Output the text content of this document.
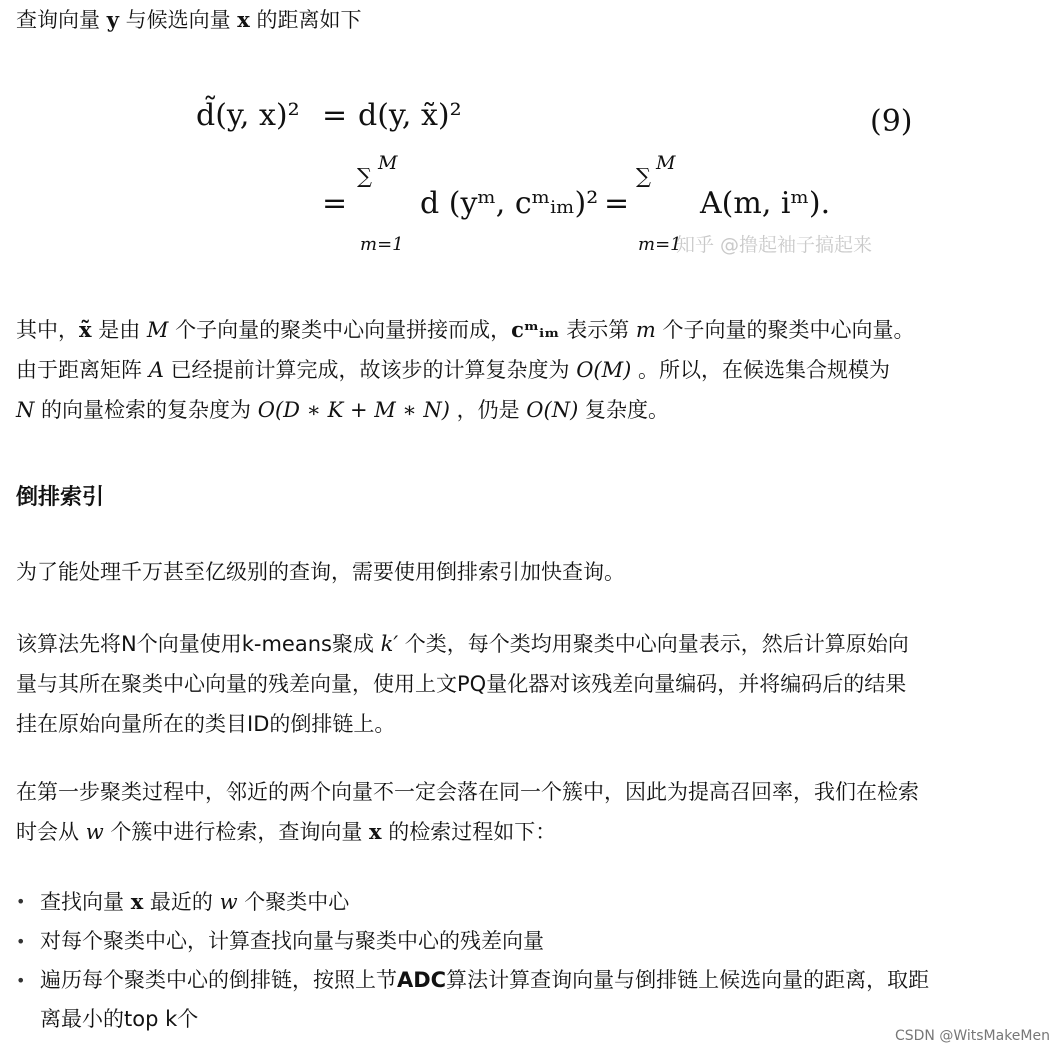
查询向量 y 与候选向量 x 的距离如下
d̃(y, x)² = d(y, x̃)²	(9)
=
M
∑
m=1
d (yᵐ, cᵐᵢₘ)² =
M
∑
m=1
A(m, iᵐ).
知乎 @撸起袖子搞起来
其中，x̃ 是由 M 个子向量的聚类中心向量拼接而成，cᵐᵢₘ 表示第 m 个子向量的聚类中心向量。
由于距离矩阵 A 已经提前计算完成，故该步的计算复杂度为 O(M) 。所以，在候选集合规模为
N 的向量检索的复杂度为 O(D ∗ K + M ∗ N) ，仍是 O(N) 复杂度。
倒排索引
为了能处理千万甚至亿级别的查询，需要使用倒排索引加快查询。
该算法先将N个向量使用k-means聚成 k′ 个类，每个类均用聚类中心向量表示，然后计算原始向
量与其所在聚类中心向量的残差向量，使用上文PQ量化器对该残差向量编码，并将编码后的结果
挂在原始向量所在的类目ID的倒排链上。
在第一步聚类过程中，邻近的两个向量不一定会落在同一个簇中，因此为提高召回率，我们在检索
时会从 w 个簇中进行检索，查询向量 x 的检索过程如下：
• 查找向量 x 最近的 w 个聚类中心
• 对每个聚类中心，计算查找向量与聚类中心的残差向量
• 遍历每个聚类中心的倒排链，按照上节ADC算法计算查询向量与倒排链上候选向量的距离，取距
离最小的top k个
CSDN @WitsMakeMen
